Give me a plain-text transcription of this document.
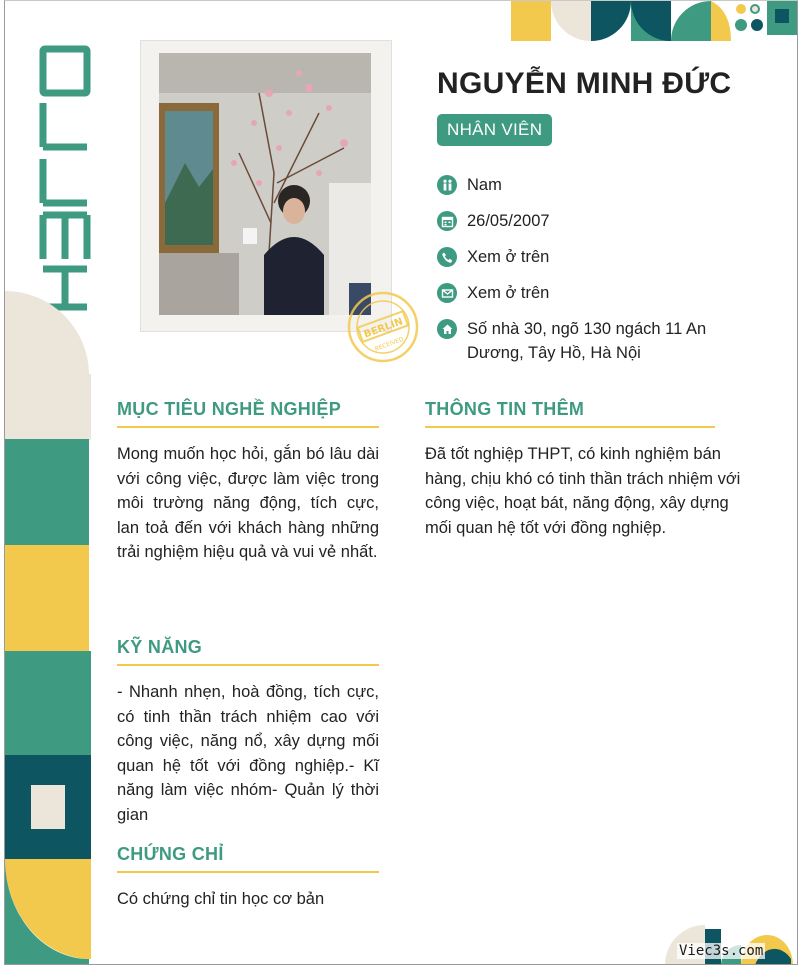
BERLIN
RECEIVED
NGUYỄN MINH ĐỨC
NHÂN VIÊN
Nam
26/05/2007
Xem ở trên
Xem ở trên
Số nhà 30, ngõ 130 ngách 11 An Dương, Tây Hồ, Hà Nội
MỤC TIÊU NGHỀ NGHIỆP

Mong muốn học hỏi, gắn bó lâu dài với công việc, được làm việc trong môi trường năng động, tích cực, lan toả đến với khách hàng những trải nghiệm hiệu quả và vui vẻ nhất.

THÔNG TIN THÊM

Đã tốt nghiệp THPT, có kinh nghiệm bán hàng, chịu khó có tinh thần trách nhiệm với công việc, hoạt bát, năng động, xây dựng mối quan hệ tốt với đồng nghiệp.

KỸ NĂNG

- Nhanh nhẹn, hoà đồng, tích cực, có tinh thần trách nhiệm cao với công việc, năng nổ, xây dựng mối quan hệ tốt với đồng nghiệp.- Kĩ năng làm việc nhóm- Quản lý thời gian

CHỨNG CHỈ

Có chứng chỉ tin học cơ bản

Viec3s.com
